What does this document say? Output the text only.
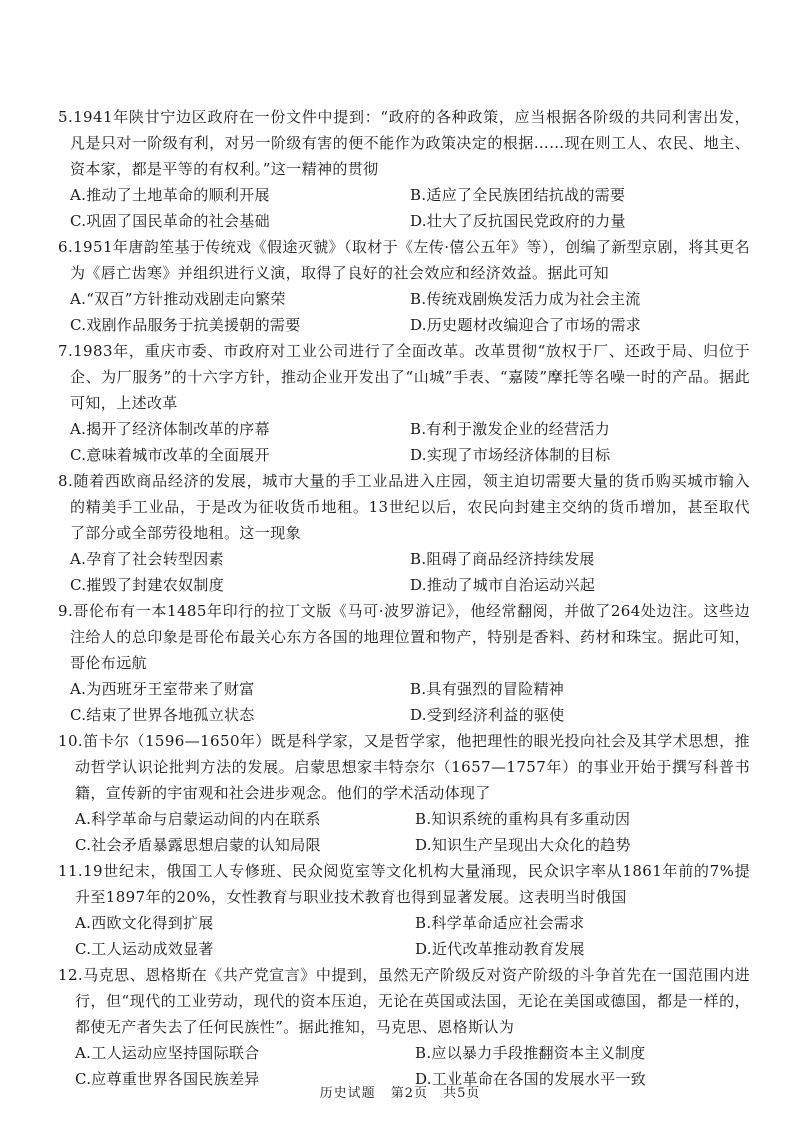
5.1941年陕甘宁边区政府在一份文件中提到：“政府的各种政策，应当根据各阶级的共同利害出发，凡是只对一阶级有利，对另一阶级有害的便不能作为政策决定的根据……现在则工人、农民、地主、资本家，都是平等的有权利。”这一精神的贯彻
A.推动了土地革命的顺利开展	B.适应了全民族团结抗战的需要
C.巩固了国民革命的社会基础	D.壮大了反抗国民党政府的力量
6.1951年唐韵笙基于传统戏《假途灭虢》（取材于《左传·僖公五年》等），创编了新型京剧，将其更名为《唇亡齿寒》并组织进行义演，取得了良好的社会效应和经济效益。据此可知
A.“双百”方针推动戏剧走向繁荣	B.传统戏剧焕发活力成为社会主流
C.戏剧作品服务于抗美援朝的需要	D.历史题材改编迎合了市场的需求
7.1983年，重庆市委、市政府对工业公司进行了全面改革。改革贯彻“放权于厂、还政于局、归位于企、为厂服务”的十六字方针，推动企业开发出了“山城”手表、“嘉陵”摩托等名噪一时的产品。据此可知，上述改革
A.揭开了经济体制改革的序幕	B.有利于激发企业的经营活力
C.意味着城市改革的全面展开	D.实现了市场经济体制的目标
8.随着西欧商品经济的发展，城市大量的手工业品进入庄园，领主迫切需要大量的货币购买城市输入的精美手工业品，于是改为征收货币地租。13世纪以后，农民向封建主交纳的货币增加，甚至取代了部分或全部劳役地租。这一现象
A.孕育了社会转型因素	B.阻碍了商品经济持续发展
C.摧毁了封建农奴制度	D.推动了城市自治运动兴起
9.哥伦布有一本1485年印行的拉丁文版《马可·波罗游记》，他经常翻阅，并做了264处边注。这些边注给人的总印象是哥伦布最关心东方各国的地理位置和物产，特别是香料、药材和珠宝。据此可知，哥伦布远航
A.为西班牙王室带来了财富	B.具有强烈的冒险精神
C.结束了世界各地孤立状态	D.受到经济利益的驱使
10.笛卡尔（1596—1650年）既是科学家，又是哲学家，他把理性的眼光投向社会及其学术思想，推动哲学认识论批判方法的发展。启蒙思想家丰特奈尔（1657—1757年）的事业开始于撰写科普书籍，宣传新的宇宙观和社会进步观念。他们的学术活动体现了
A.科学革命与启蒙运动间的内在联系	B.知识系统的重构具有多重动因
C.社会矛盾暴露思想启蒙的认知局限	D.知识生产呈现出大众化的趋势
11.19世纪末，俄国工人专修班、民众阅览室等文化机构大量涌现，民众识字率从1861年前的7%提升至1897年的20%，女性教育与职业技术教育也得到显著发展。这表明当时俄国
A.西欧文化得到扩展	B.科学革命适应社会需求
C.工人运动成效显著	D.近代改革推动教育发展
12.马克思、恩格斯在《共产党宣言》中提到，虽然无产阶级反对资产阶级的斗争首先在一国范围内进行，但“现代的工业劳动，现代的资本压迫，无论在英国或法国，无论在美国或德国，都是一样的，都使无产者失去了任何民族性”。据此推知，马克思、恩格斯认为
A.工人运动应坚持国际联合	B.应以暴力手段推翻资本主义制度
C.应尊重世界各国民族差异	D.工业革命在各国的发展水平一致
历史试题 第2页 共5页
